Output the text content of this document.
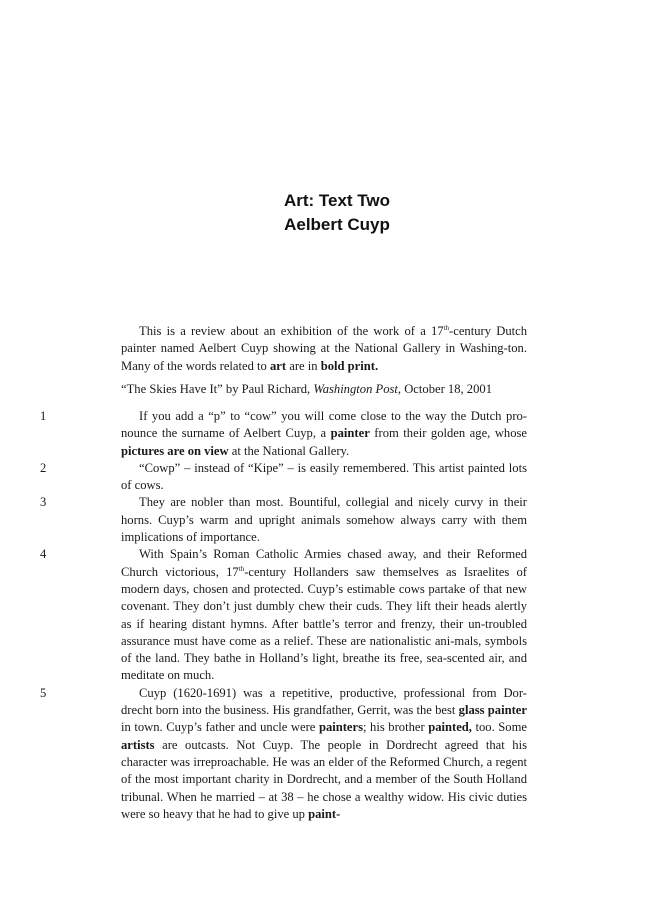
Art: Text Two
Aelbert Cuyp

This is a review about an exhibition of the work of a 17th-century Dutch painter named Aelbert Cuyp showing at the National Gallery in Washing-ton. Many of the words related to art are in bold print.

“The Skies Have It” by Paul Richard, Washington Post, October 18, 2001

1	If you add a “p” to “cow” you will come close to the way the Dutch pro-nounce the surname of Aelbert Cuyp, a painter from their golden age, whose pictures are on view at the National Gallery.

2	“Cowp” – instead of “Kipe” – is easily remembered. This artist painted lots of cows.

3	They are nobler than most. Bountiful, collegial and nicely curvy in their horns. Cuyp’s warm and upright animals somehow always carry with them implications of importance.

4	With Spain’s Roman Catholic Armies chased away, and their Reformed Church victorious, 17th-century Hollanders saw themselves as Israelites of modern days, chosen and protected. Cuyp’s estimable cows partake of that new covenant. They don’t just dumbly chew their cuds. They lift their heads alertly as if hearing distant hymns. After battle’s terror and frenzy, their un-troubled assurance must have come as a relief. These are nationalistic ani-mals, symbols of the land. They bathe in Holland’s light, breathe its free, sea-scented air, and meditate on much.

5	Cuyp (1620-1691) was a repetitive, productive, professional from Dor-drecht born into the business. His grandfather, Gerrit, was the best glass painter in town. Cuyp’s father and uncle were painters; his brother painted, too. Some artists are outcasts. Not Cuyp. The people in Dordrecht agreed that his character was irreproachable. He was an elder of the Reformed Church, a regent of the most important charity in Dordrecht, and a member of the South Holland tribunal. When he married – at 38 – he chose a wealthy widow. His civic duties were so heavy that he had to give up paint-
